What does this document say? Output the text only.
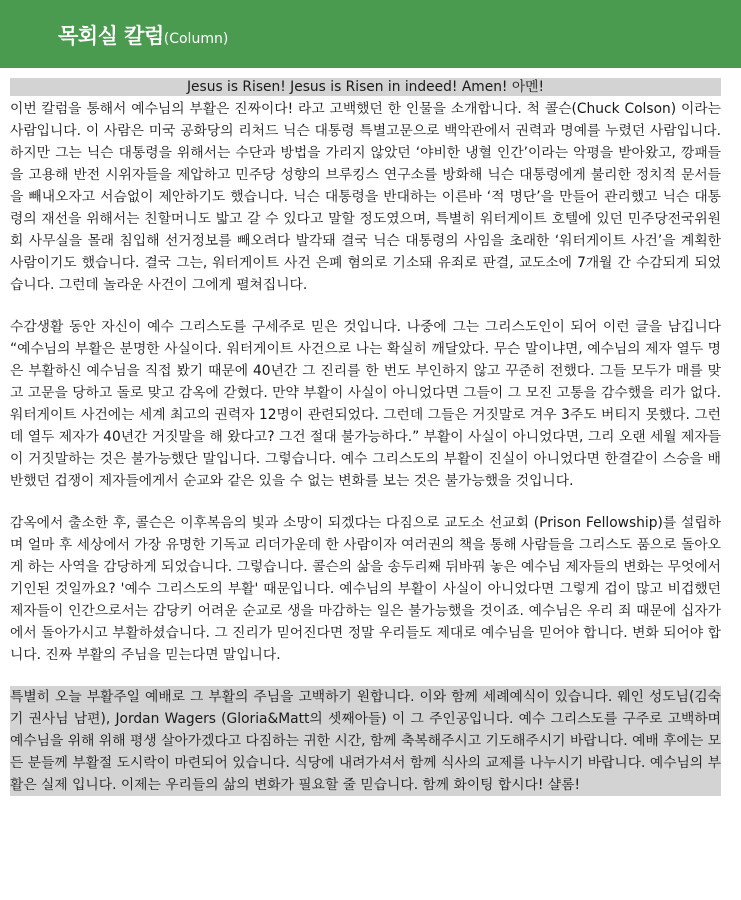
목회실 칼럼(Column)
Jesus is Risen! Jesus is Risen in indeed! Amen! 아멘!

이번 칼럼을 통해서 예수님의 부활은 진짜이다! 라고 고백했던 한 인물을 소개합니다. 척 콜슨(Chuck Colson) 이라는 사람입니다. 이 사람은 미국 공화당의 리처드 닉슨 대통령 특별고문으로 백악관에서 권력과 명예를 누렸던 사람입니다. 하지만 그는 닉슨 대통령을 위해서는 수단과 방법을 가리지 않았던 ‘야비한 냉혈 인간’이라는 악평을 받아왔고, 깡패들을 고용해 반전 시위자들을 제압하고 민주당 성향의 브루킹스 연구소를 방화해 닉슨 대통령에게 불리한 정치적 문서들을 빼내오자고 서슴없이 제안하기도 했습니다. 닉슨 대통령을 반대하는 이른바 ‘적 명단’을 만들어 관리했고 닉슨 대통령의 재선을 위해서는 친할머니도 밟고 갈 수 있다고 말할 정도였으며, 특별히 워터게이트 호텔에 있던 민주당전국위원회 사무실을 몰래 침입해 선거정보를 빼오려다 발각돼 결국 닉슨 대통령의 사임을 초래한 ‘워터게이트 사건’을 계획한 사람이기도 했습니다. 결국 그는, 워터게이트 사건 은폐 혐의로 기소돼 유죄로 판결, 교도소에 7개월 간 수감되게 되었습니다. 그런데 놀라운 사건이 그에게 펼쳐집니다.

수감생활 동안 자신이 예수 그리스도를 구세주로 믿은 것입니다. 나중에 그는 그리스도인이 되어 이런 글을 남깁니다 “예수님의 부활은 분명한 사실이다. 워터게이트 사건으로 나는 확실히 깨달았다. 무슨 말이냐면, 예수님의 제자 열두 명은 부활하신 예수님을 직접 봤기 때문에 40년간 그 진리를 한 번도 부인하지 않고 꾸준히 전했다. 그들 모두가 매를 맞고 고문을 당하고 돌로 맞고 감옥에 갇혔다. 만약 부활이 사실이 아니었다면 그들이 그 모진 고통을 감수했을 리가 없다. 워터게이트 사건에는 세계 최고의 권력자 12명이 관련되었다. 그런데 그들은 거짓말로 겨우 3주도 버티지 못했다. 그런데 열두 제자가 40년간 거짓말을 해 왔다고? 그건 절대 불가능하다.” 부활이 사실이 아니었다면, 그리 오랜 세월 제자들이 거짓말하는 것은 불가능했단 말입니다. 그렇습니다. 예수 그리스도의 부활이 진실이 아니었다면 한결같이 스승을 배반했던 겁쟁이 제자들에게서 순교와 같은 있을 수 없는 변화를 보는 것은 불가능했을 것입니다.

감옥에서 출소한 후, 콜슨은 이후복음의 빛과 소망이 되겠다는 다짐으로 교도소 선교회 (Prison Fellowship)를 설립하며 얼마 후 세상에서 가장 유명한 기독교 리더가운데 한 사람이자 여러권의 책을 통해 사람들을 그리스도 품으로 돌아오게 하는 사역을 감당하게 되었습니다. 그렇습니다. 콜슨의 삶을 송두리째 뒤바꿔 놓은 예수님 제자들의 변화는 무엇에서 기인된 것일까요? '예수 그리스도의 부활' 때문입니다. 예수님의 부활이 사실이 아니었다면 그렇게 겁이 많고 비겁했던 제자들이 인간으로서는 감당키 어려운 순교로 생을 마감하는 일은 불가능했을 것이죠. 예수님은 우리 죄 때문에 십자가에서 돌아가시고 부활하셨습니다. 그 진리가 믿어진다면 정말 우리들도 제대로 예수님을 믿어야 합니다. 변화 되어야 합니다. 진짜 부활의 주님을 믿는다면 말입니다.

특별히 오늘 부활주일 예배로 그 부활의 주님을 고백하기 원합니다. 이와 함께 세례예식이 있습니다. 웨인 성도님(김숙기 권사님 남편), Jordan Wagers (Gloria&Matt의 셋째아들) 이 그 주인공입니다. 예수 그리스도를 구주로 고백하며 예수님을 위해 위해 평생 살아가겠다고 다짐하는 귀한 시간, 함께 축복해주시고 기도해주시기 바랍니다. 예배 후에는 모든 분들께 부활절 도시락이 마련되어 있습니다. 식당에 내려가셔서 함께 식사의 교제를 나누시기 바랍니다. 예수님의 부활은 실제 입니다. 이제는 우리들의 삶의 변화가 필요할 줄 믿습니다. 함께 화이팅 합시다! 샬롬!
